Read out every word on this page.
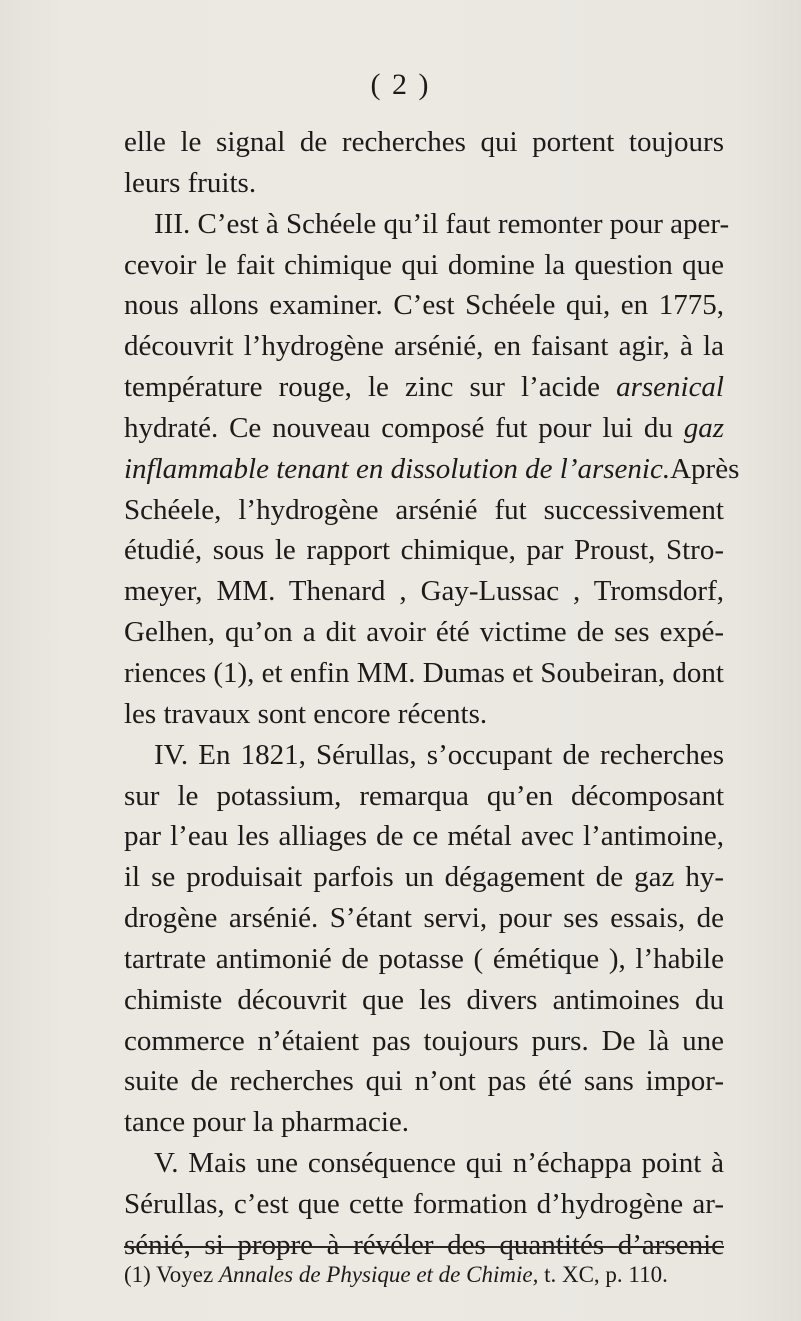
( 2 )
elle le signal de recherches qui portent toujours
leurs fruits.
III. C’est à Schéele qu’il faut remonter pour aper-
cevoir le fait chimique qui domine la question que
nous allons examiner. C’est Schéele qui, en 1775,
découvrit l’hydrogène arsénié, en faisant agir, à la
température rouge, le zinc sur l’acide arsenical
hydraté. Ce nouveau composé fut pour lui du gaz
inflammable tenant en dissolution de l’arsenic.Après
Schéele, l’hydrogène arsénié fut successivement
étudié, sous le rapport chimique, par Proust, Stro-
meyer, MM. Thenard , Gay-Lussac , Tromsdorf,
Gelhen, qu’on a dit avoir été victime de ses expé-
riences (1), et enfin MM. Dumas et Soubeiran, dont
les travaux sont encore récents.
IV. En 1821, Sérullas, s’occupant de recherches
sur le potassium, remarqua qu’en décomposant
par l’eau les alliages de ce métal avec l’antimoine,
il se produisait parfois un dégagement de gaz hy-
drogène arsénié. S’étant servi, pour ses essais, de
tartrate antimonié de potasse ( émétique ), l’habile
chimiste découvrit que les divers antimoines du
commerce n’étaient pas toujours purs. De là une
suite de recherches qui n’ont pas été sans impor-
tance pour la pharmacie.
V. Mais une conséquence qui n’échappa point à
Sérullas, c’est que cette formation d’hydrogène ar-
sénié, si propre à révéler des quantités d’arsenic
(1) Voyez Annales de Physique et de Chimie, t. XC, p. 110.
